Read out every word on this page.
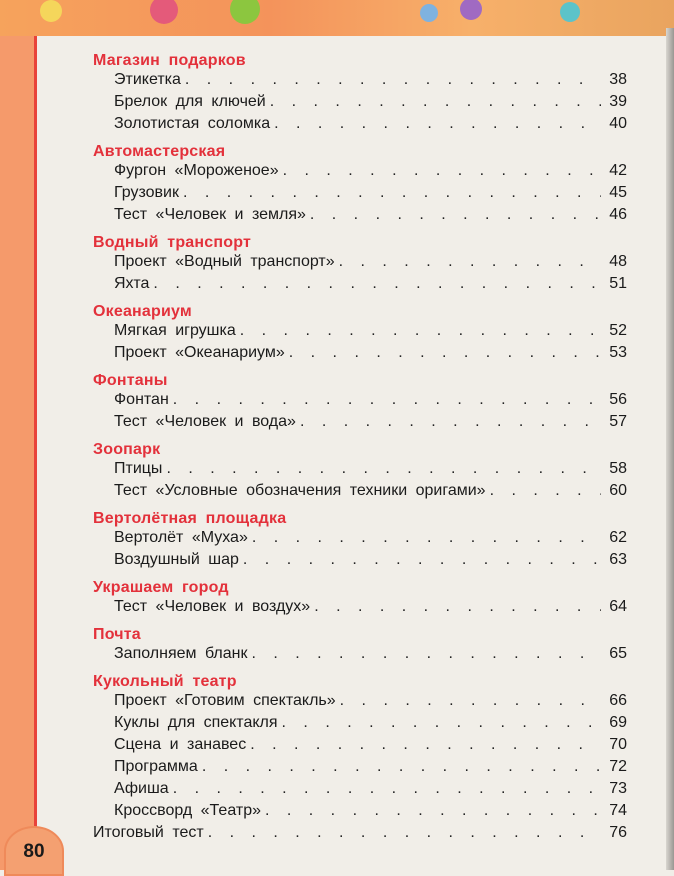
Магазин подарков
Этикетка . . .	38
Брелок для ключей . . .	39
Золотистая соломка . . .	40
Автомастерская
Фургон «Мороженое» . . .	42
Грузовик . . .	45
Тест «Человек и земля» . . .	46
Водный транспорт
Проект «Водный транспорт» . . .	48
Яхта . . .	51
Океанариум
Мягкая игрушка . . .	52
Проект «Океанариум» . . .	53
Фонтаны
Фонтан . . .	56
Тест «Человек и вода» . . .	57
Зоопарк
Птицы . . .	58
Тест «Условные обозначения техники оригами» . . .	60
Вертолётная площадка
Вертолёт «Муха» . . .	62
Воздушный шар . . .	63
Украшаем город
Тест «Человек и воздух» . . .	64
Почта
Заполняем бланк . . .	65
Кукольный театр
Проект «Готовим спектакль» . . .	66
Куклы для спектакля . . .	69
Сцена и занавес . . .	70
Программа . . .	72
Афиша . . .	73
Кроссворд «Театр» . . .	74
Итоговый тест . . .	76
80
